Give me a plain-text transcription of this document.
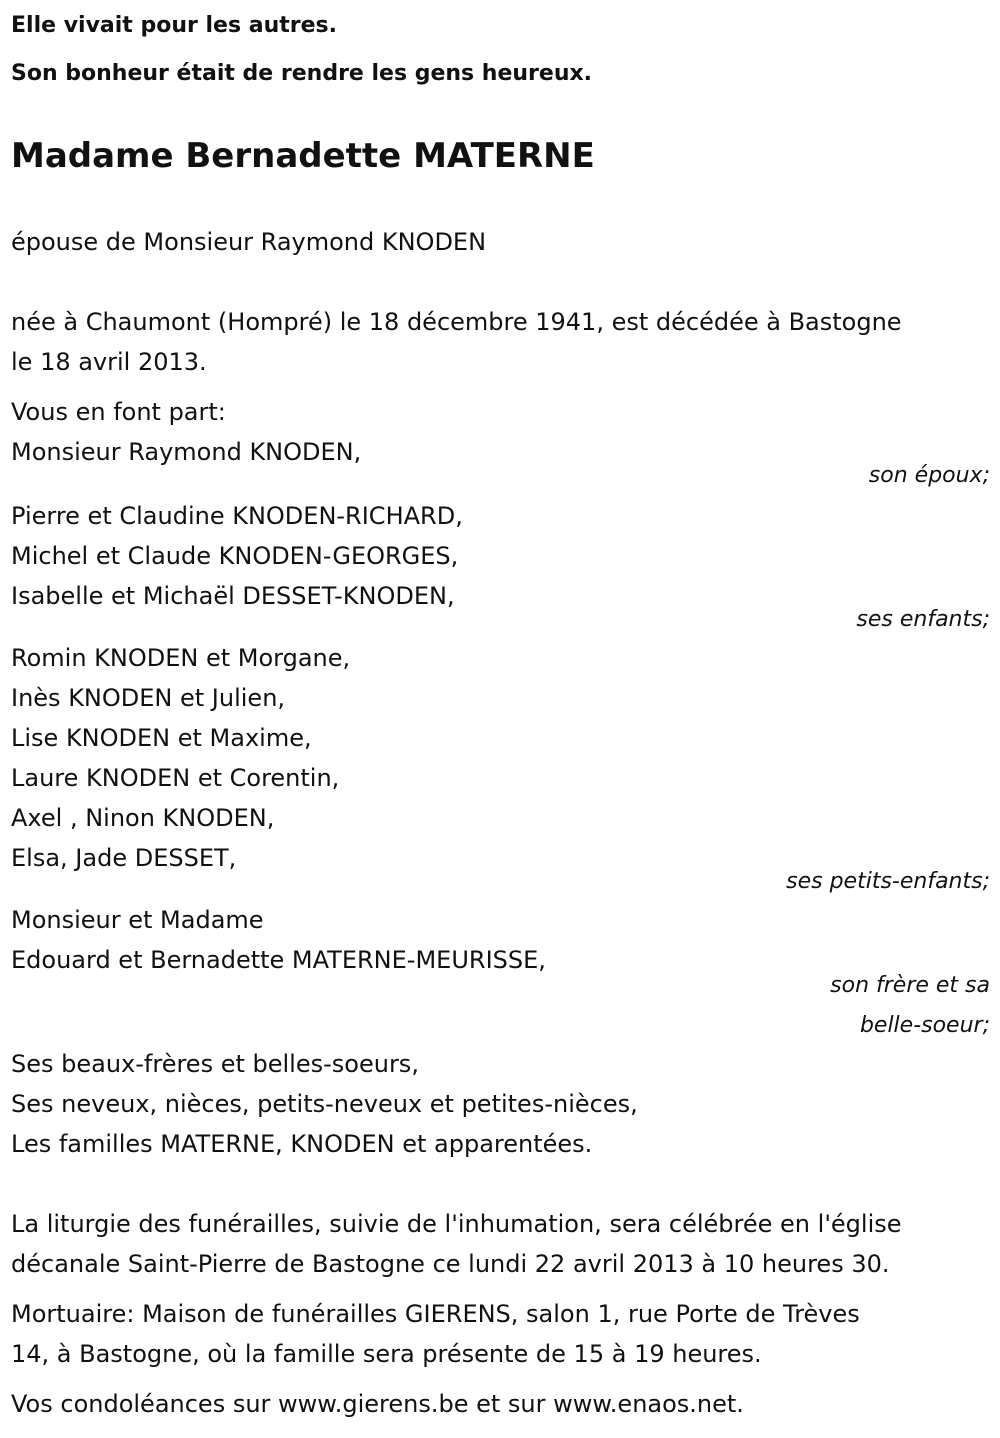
Elle vivait pour les autres.

Son bonheur était de rendre les gens heureux.

Madame Bernadette MATERNE

épouse de Monsieur Raymond KNODEN

née à Chaumont (Hompré) le 18 décembre 1941, est décédée à Bastogne

le 18 avril 2013.

Vous en font part:

Monsieur Raymond KNODEN,

son époux;

Pierre et Claudine KNODEN-RICHARD,

Michel et Claude KNODEN-GEORGES,

Isabelle et Michaël DESSET-KNODEN,

ses enfants;

Romin KNODEN et Morgane,

Inès KNODEN et Julien,

Lise KNODEN et Maxime,

Laure KNODEN et Corentin,

Axel , Ninon KNODEN,

Elsa, Jade DESSET,

ses petits-enfants;

Monsieur et Madame

Edouard et Bernadette MATERNE-MEURISSE,

son frère et sa

belle-soeur;

Ses beaux-frères et belles-soeurs,

Ses neveux, nièces, petits-neveux et petites-nièces,

Les familles MATERNE, KNODEN et apparentées.

La liturgie des funérailles, suivie de l'inhumation, sera célébrée en l'église

décanale Saint-Pierre de Bastogne ce lundi 22 avril 2013 à 10 heures 30.

Mortuaire: Maison de funérailles GIERENS, salon 1, rue Porte de Trèves

14, à Bastogne, où la famille sera présente de 15 à 19 heures.

Vos condoléances sur www.gierens.be et sur www.enaos.net.
